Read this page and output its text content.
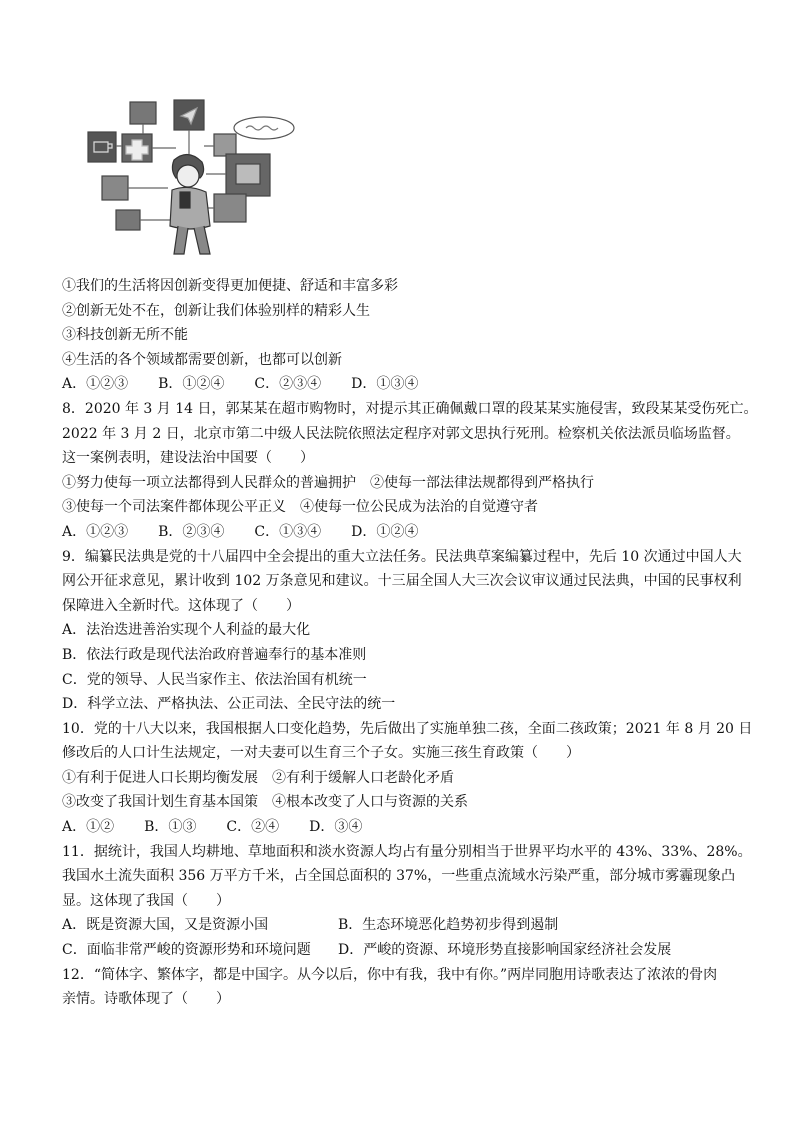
①我们的生活将因创新变得更加便捷、舒适和丰富多彩
②创新无处不在，创新让我们体验别样的精彩人生
③科技创新无所不能
④生活的各个领域都需要创新，也都可以创新
A．①②③ B．①②④ C．②③④ D．①③④
8．2020 年 3 月 14 日，郭某某在超市购物时，对提示其正确佩戴口罩的段某某实施侵害，致段某某受伤死亡。
2022 年 3 月 2 日，北京市第二中级人民法院依照法定程序对郭文思执行死刑。检察机关依法派员临场监督。
这一案例表明，建设法治中国要（　　）
①努力使每一项立法都得到人民群众的普遍拥护　②使每一部法律法规都得到严格执行
③使每一个司法案件都体现公平正义　④使每一位公民成为法治的自觉遵守者
A．①②③ B．②③④ C．①③④ D．①②④
9．编纂民法典是党的十八届四中全会提出的重大立法任务。民法典草案编纂过程中，先后 10 次通过中国人大
网公开征求意见，累计收到 102 万条意见和建议。十三届全国人大三次会议审议通过民法典，中国的民事权利
保障进入全新时代。这体现了（　　）
A．法治迭进善治实现个人利益的最大化
B．依法行政是现代法治政府普遍奉行的基本准则
C．党的领导、人民当家作主、依法治国有机统一
D．科学立法、严格执法、公正司法、全民守法的统一
10．党的十八大以来，我国根据人口变化趋势，先后做出了实施单独二孩，全面二孩政策；2021 年 8 月 20 日
修改后的人口计生法规定，一对夫妻可以生育三个子女。实施三孩生育政策（　　）
①有利于促进人口长期均衡发展　②有利于缓解人口老龄化矛盾
③改变了我国计划生育基本国策　④根本改变了人口与资源的关系
A．①② B．①③ C．②④ D．③④
11．据统计，我国人均耕地、草地面积和淡水资源人均占有量分别相当于世界平均水平的 43%、33%、28%。
我国水土流失面积 356 万平方千米，占全国总面积的 37%，一些重点流域水污染严重，部分城市雾霾现象凸
显。这体现了我国（　　）
A．既是资源大国，又是资源小国	B．生态环境恶化趋势初步得到遏制
C．面临非常严峻的资源形势和环境问题	D．严峻的资源、环境形势直接影响国家经济社会发展
12．“简体字、繁体字，都是中国字。从今以后，你中有我，我中有你。”两岸同胞用诗歌表达了浓浓的骨肉
亲情。诗歌体现了（　　）
